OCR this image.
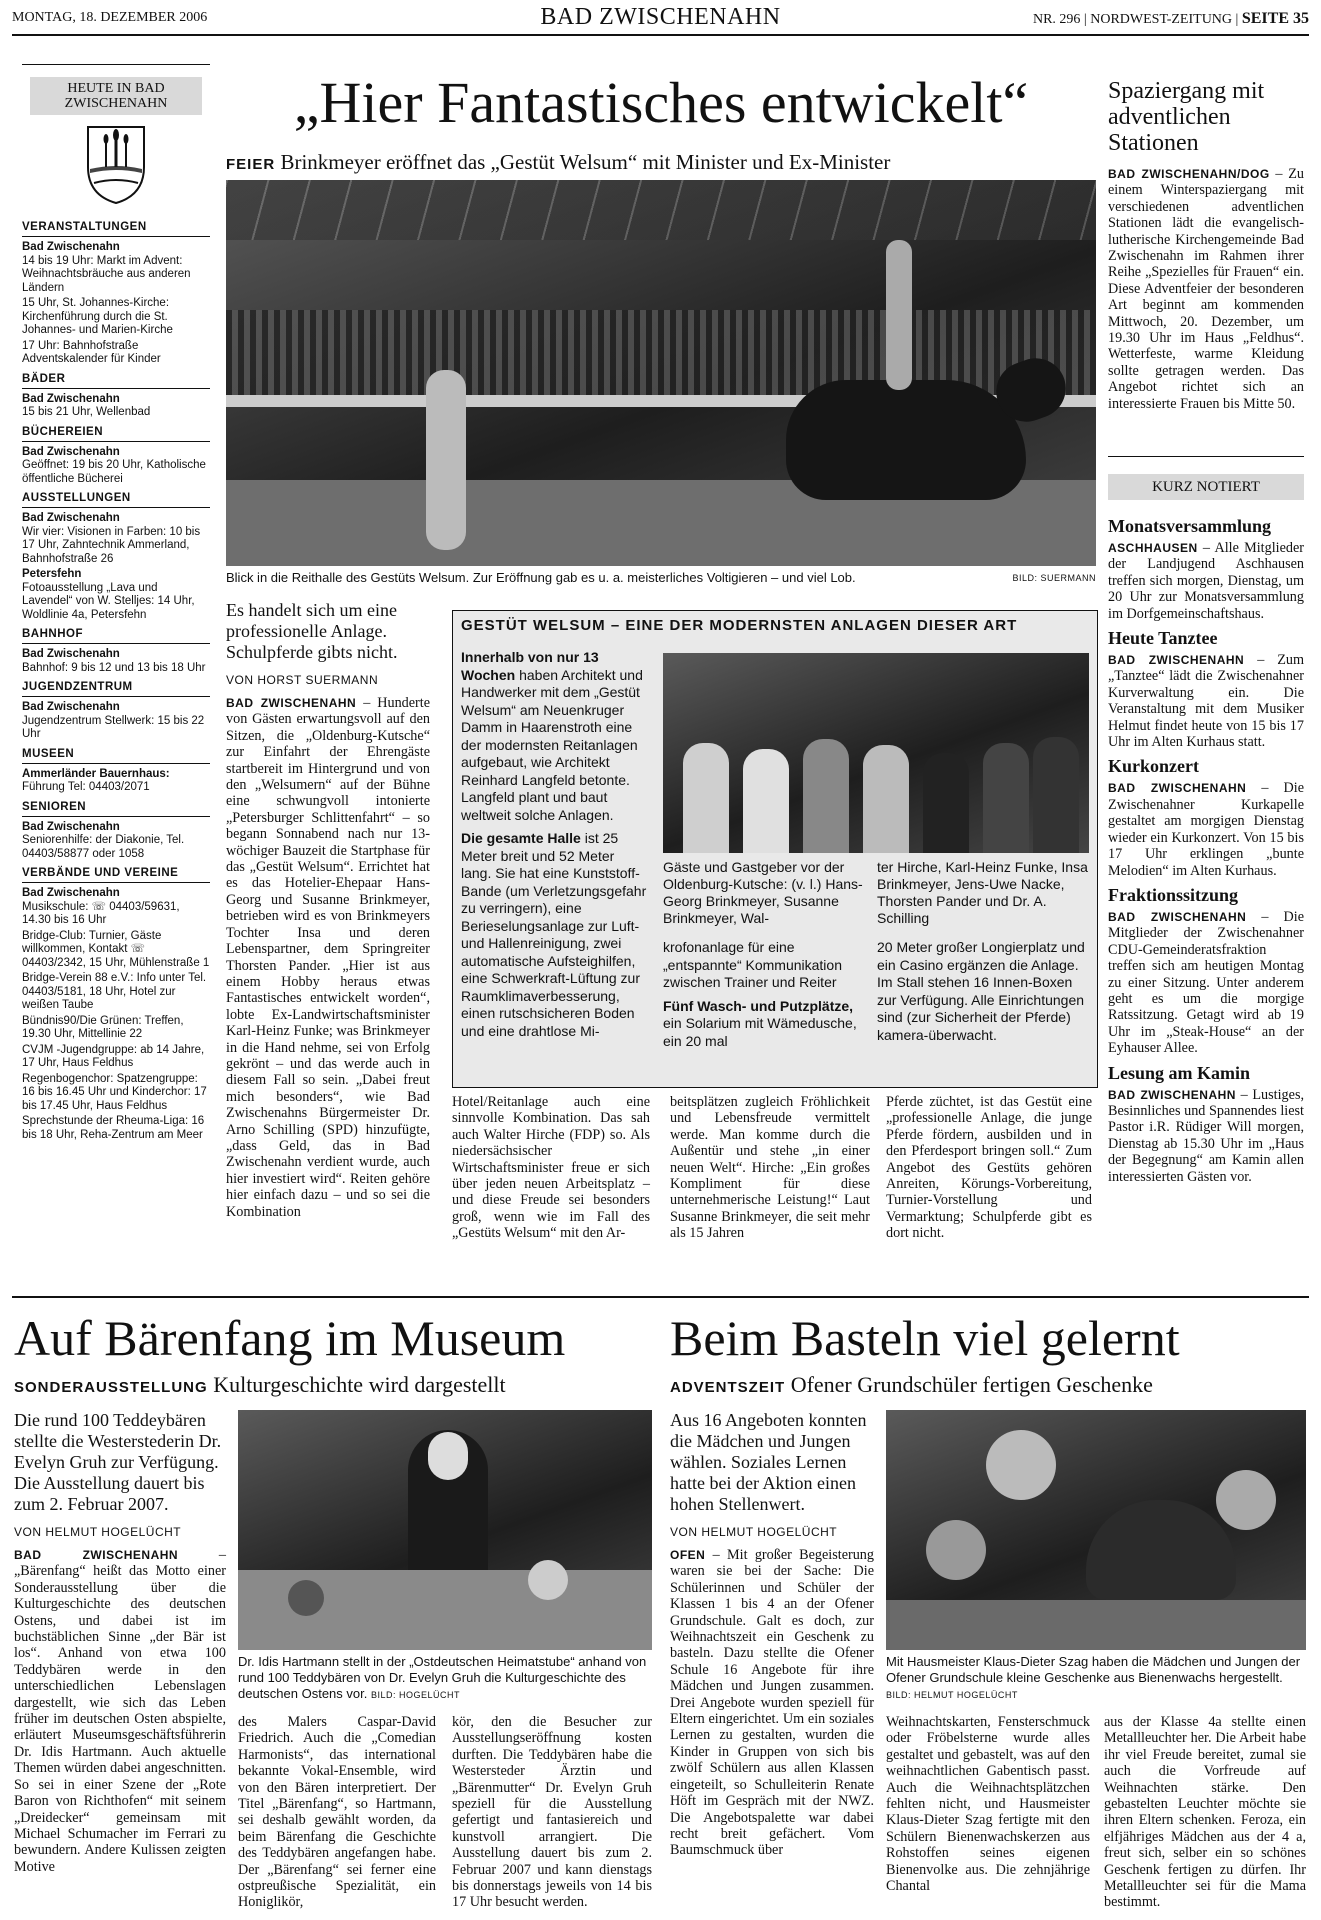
MONTAG, 18. DEZEMBER 2006	BAD ZWISCHENAHN	NR. 296 | NORDWEST-ZEITUNG | SEITE 35
HEUTE IN BAD ZWISCHENAHN
VERANSTALTUNGEN
Bad Zwischenahn
14 bis 19 Uhr: Markt im Advent: Weihnachtsbräuche aus anderen Ländern
15 Uhr, St. Johannes-Kirche: Kirchenführung durch die St. Johannes- und Marien-Kirche
17 Uhr: Bahnhofstraße Adventskalender für Kinder
BÄDER
Bad Zwischenahn
15 bis 21 Uhr, Wellenbad
BÜCHEREIEN
Bad Zwischenahn
Geöffnet: 19 bis 20 Uhr, Katholische öffentliche Bücherei
AUSSTELLUNGEN
Bad Zwischenahn
Wir vier: Visionen in Farben: 10 bis 17 Uhr, Zahntechnik Ammerland, Bahnhofstraße 26
Petersfehn
Fotoausstellung „Lava und Lavendel“ von W. Stelljes: 14 Uhr, Woldlinie 4a, Petersfehn
BAHNHOF
Bad Zwischenahn
Bahnhof: 9 bis 12 und 13 bis 18 Uhr
JUGENDZENTRUM
Bad Zwischenahn
Jugendzentrum Stellwerk: 15 bis 22 Uhr
MUSEEN
Ammerländer Bauernhaus:
Führung Tel: 04403/2071
SENIOREN
Bad Zwischenahn
Seniorenhilfe: der Diakonie, Tel. 04403/58877 oder 1058
VERBÄNDE UND VEREINE
Bad Zwischenahn
Musikschule: ☏ 04403/59631, 14.30 bis 16 Uhr
Bridge-Club: Turnier, Gäste willkommen, Kontakt ☏ 04403/2342, 15 Uhr, Mühlenstraße 1
Bridge-Verein 88 e.V.: Info unter Tel. 04403/5181, 18 Uhr, Hotel zur weißen Taube
Bündnis90/Die Grünen: Treffen, 19.30 Uhr, Mittellinie 22
CVJM -Jugendgruppe: ab 14 Jahre, 17 Uhr, Haus Feldhus
Regenbogenchor: Spatzengruppe: 16 bis 16.45 Uhr und Kinderchor: 17 bis 17.45 Uhr, Haus Feldhus
Sprechstunde der Rheuma-Liga: 16 bis 18 Uhr, Reha-Zentrum am Meer
„Hier Fantastisches entwickelt“
FEIER Brinkmeyer eröffnet das „Gestüt Welsum“ mit Minister und Ex-Minister
Blick in die Reithalle des Gestüts Welsum. Zur Eröffnung gab es u. a. meisterliches Voltigieren – und viel Lob.	BILD: SUERMANN
Es handelt sich um eine professionelle Anlage. Schulpferde gibts nicht.
VON HORST SUERMANN

BAD ZWISCHENAHN – Hunderte von Gästen erwartungsvoll auf den Sitzen, die „Oldenburg-Kutsche“ zur Einfahrt der Ehrengäste startbereit im Hintergrund und von den „Welsumern“ auf der Bühne eine schwungvoll intonierte „Petersburger Schlittenfahrt“ – so begann Sonnabend nach nur 13-wöchiger Bauzeit die Startphase für das „Gestüt Welsum“. Errichtet hat es das Hotelier-Ehepaar Hans-Georg und Susanne Brinkmeyer, betrieben wird es von Brinkmeyers Tochter Insa und deren Lebenspartner, dem Springreiter Thorsten Pander. „Hier ist aus einem Hobby heraus etwas Fantastisches entwickelt worden“, lobte Ex-Landwirtschaftsminister Karl-Heinz Funke; was Brinkmeyer in die Hand nehme, sei von Erfolg gekrönt – und das werde auch in diesem Fall so sein. „Dabei freut mich besonders“, wie Bad Zwischenahns Bürgermeister Dr. Arno Schilling (SPD) hinzufügte, „dass Geld, das in Bad Zwischenahn verdient wurde, auch hier investiert wird“. Reiten gehöre hier einfach dazu – und so sei die Kombination

GESTÜT WELSUM – EINE DER MODERNSTEN ANLAGEN DIESER ART

Innerhalb von nur 13 Wochen haben Architekt und Handwerker mit dem „Gestüt Welsum“ am Neuenkruger Damm in Haarenstroth eine der modernsten Reitanlagen aufgebaut, wie Architekt Reinhard Langfeld betonte. Langfeld plant und baut weltweit solche Anlagen.

Die gesamte Halle ist 25 Meter breit und 52 Meter lang. Sie hat eine Kunststoff-Bande (um Verletzungsgefahr zu verringern), eine Berieselungsanlage zur Luft- und Hallenreinigung, zwei automatische Aufsteighilfen, eine Schwerkraft-Lüftung zur Raumklimaverbesserung, einen rutschsicheren Boden und eine drahtlose Mi-

Gäste und Gastgeber vor der Oldenburg-Kutsche: (v. l.) Hans-Georg Brinkmeyer, Susanne Brinkmeyer, Wal-
ter Hirche, Karl-Heinz Funke, Insa Brinkmeyer, Jens-Uwe Nacke, Thorsten Pander und Dr. A. Schilling

krofonanlage für eine „entspannte“ Kommunikation zwischen Trainer und Reiter

Fünf Wasch- und Putzplätze, ein Solarium mit Wämedusche, ein 20 mal

20 Meter großer Longierplatz und ein Casino ergänzen die Anlage. Im Stall stehen 16 Innen-Boxen zur Verfügung. Alle Einrichtungen sind (zur Sicherheit der Pferde) kamera-überwacht.

Hotel/Reitanlage auch eine sinnvolle Kombination. Das sah auch Walter Hirche (FDP) so. Als niedersächsischer Wirtschaftsminister freue er sich über jeden neuen Arbeitsplatz – und diese Freude sei besonders groß, wenn wie im Fall des „Gestüts Welsum“ mit den Ar-

beitsplätzen zugleich Fröhlichkeit und Lebensfreude vermittelt werde. Man komme durch die Außentür und stehe „in einer neuen Welt“. Hirche: „Ein großes Kompliment für diese unternehmerische Leistung!“ Laut Susanne Brinkmeyer, die seit mehr als 15 Jahren

Pferde züchtet, ist das Gestüt eine „professionelle Anlage, die junge Pferde fördern, ausbilden und in den Pferdesport bringen soll.“ Zum Angebot des Gestüts gehören Anreiten, Körungs-Vorbereitung, Turnier-Vorstellung und Vermarktung; Schulpferde gibt es dort nicht.

Spaziergang mit adventlichen Stationen

BAD ZWISCHENAHN/DOG – Zu einem Winterspaziergang mit verschiedenen adventlichen Stationen lädt die evangelisch-lutherische Kirchengemeinde Bad Zwischenahn im Rahmen ihrer Reihe „Spezielles für Frauen“ ein. Diese Adventfeier der besonderen Art beginnt am kommenden Mittwoch, 20. Dezember, um 19.30 Uhr im Haus „Feldhus“. Wetterfeste, warme Kleidung sollte getragen werden. Das Angebot richtet sich an interessierte Frauen bis Mitte 50.

KURZ NOTIERT
Monatsversammlung

ASCHHAUSEN – Alle Mitglieder der Landjugend Aschhausen treffen sich morgen, Dienstag, um 20 Uhr zur Monatsversammlung im Dorfgemeinschaftshaus.

Heute Tanztee

BAD ZWISCHENAHN – Zum „Tanztee“ lädt die Zwischenahner Kurverwaltung ein. Die Veranstaltung mit dem Musiker Helmut findet heute von 15 bis 17 Uhr im Alten Kurhaus statt.

Kurkonzert

BAD ZWISCHENAHN – Die Zwischenahner Kurkapelle gestaltet am morgigen Dienstag wieder ein Kurkonzert. Von 15 bis 17 Uhr erklingen „bunte Melodien“ im Alten Kurhaus.

Fraktionssitzung

BAD ZWISCHENAHN – Die Mitglieder der Zwischenahner CDU-Gemeinderatsfraktion treffen sich am heutigen Montag zu einer Sitzung. Unter anderem geht es um die morgige Ratssitzung. Getagt wird ab 19 Uhr im „Steak-House“ an der Eyhauser Allee.

Lesung am Kamin

BAD ZWISCHENAHN – Lustiges, Besinnliches und Spannendes liest Pastor i.R. Rüdiger Will morgen, Dienstag ab 15.30 Uhr im „Haus der Begegnung“ am Kamin allen interessierten Gästen vor.

Auf Bärenfang im Museum
SONDERAUSSTELLUNG Kulturgeschichte wird dargestellt
Die rund 100 Teddeybären stellte die Westerstederin Dr. Evelyn Gruh zur Verfügung. Die Ausstellung dauert bis zum 2. Februar 2007.
VON HELMUT HOGELÜCHT

BAD ZWISCHENAHN	– „Bärenfang“ heißt das Motto einer Sonderausstellung über die Kulturgeschichte des deutschen Ostens, und dabei ist im buchstäblichen Sinne „der Bär ist los“. Anhand von etwa 100 Teddybären werde in den unterschiedlichen Lebenslagen dargestellt, wie sich das Leben früher im deutschen Osten abspielte, erläutert Museumsgeschäftsführerin Dr. Idis Hartmann. Auch aktuelle Themen würden dabei angeschnitten. So sei in einer Szene der „Rote Baron von Richthofen“ mit seinem „Dreidecker“ gemeinsam mit Michael Schumacher im Ferrari zu bewundern. Andere Kulissen zeigten Motive

Dr. Idis Hartmann stellt in der „Ostdeutschen Heimatstube“ anhand von rund 100 Teddybären von Dr. Evelyn Gruh die Kulturgeschichte des deutschen Ostens vor. BILD: HOGELÜCHT

des Malers Caspar-David Friedrich. Auch die „Comedian Harmonists“, das international bekannte Vokal-Ensemble, wird von den Bären interpretiert. Der Titel „Bärenfang“, so Hartmann, sei deshalb gewählt worden, da beim Bärenfang die Geschichte des Teddybären angefangen habe. Der „Bärenfang“ sei ferner eine ostpreußische Spezialität, ein Honiglikör,

kör, den die Besucher zur Ausstellungseröffnung kosten durften. Die Teddybären habe die Westersteder Ärztin und „Bärenmutter“ Dr. Evelyn Gruh speziell für die Ausstellung gefertigt und fantasiereich und kunstvoll arrangiert. Die Ausstellung dauert bis zum 2. Februar 2007 und kann dienstags bis donnerstags jeweils von 14 bis 17 Uhr besucht werden.

Beim Basteln viel gelernt
ADVENTSZEIT Ofener Grundschüler fertigen Geschenke
Aus 16 Angeboten konnten die Mädchen und Jungen wählen. Soziales Lernen hatte bei der Aktion einen hohen Stellenwert.
VON HELMUT HOGELÜCHT

OFEN – Mit großer Begeisterung waren sie bei der Sache: Die Schülerinnen und Schüler der Klassen 1 bis 4 an der Ofener Grundschule. Galt es doch, zur Weihnachtszeit ein Geschenk zu basteln. Dazu stellte die Ofener Schule 16 Angebote für ihre Mädchen und Jungen zusammen. Drei Angebote wurden speziell für Eltern eingerichtet. Um ein soziales Lernen zu gestalten, wurden die Kinder in Gruppen von sich bis zwölf Schülern aus allen Klassen eingeteilt, so Schulleiterin Renate Höft im Gespräch mit der NWZ. Die Angebotspalette war dabei recht breit gefächert. Vom Baumschmuck über

Mit Hausmeister Klaus-Dieter Szag haben die Mädchen und Jungen der Ofener Grundschule kleine Geschenke aus Bienenwachs hergestellt. BILD: HELMUT HOGELÜCHT

Weihnachtskarten, Fensterschmuck oder Fröbelsterne wurde alles gestaltet und gebastelt, was auf den weihnachtlichen Gabentisch passt. Auch die Weihnachtsplätzchen fehlten nicht, und Hausmeister Klaus-Dieter Szag fertigte mit den Schülern Bienenwachskerzen aus Rohstoffen seines eigenen Bienenvolke aus. Die zehnjährige Chantal

aus der Klasse 4a stellte einen Metallleuchter her. Die Arbeit habe ihr viel Freude bereitet, zumal sie auch die Vorfreude auf Weihnachten stärke. Den gebastelten Leuchter möchte sie ihren Eltern schenken. Feroza, ein elfjähriges Mädchen aus der 4 a, freut sich, selber ein so schönes Geschenk fertigen zu dürfen. Ihr Metallleuchter sei für die Mama bestimmt.
